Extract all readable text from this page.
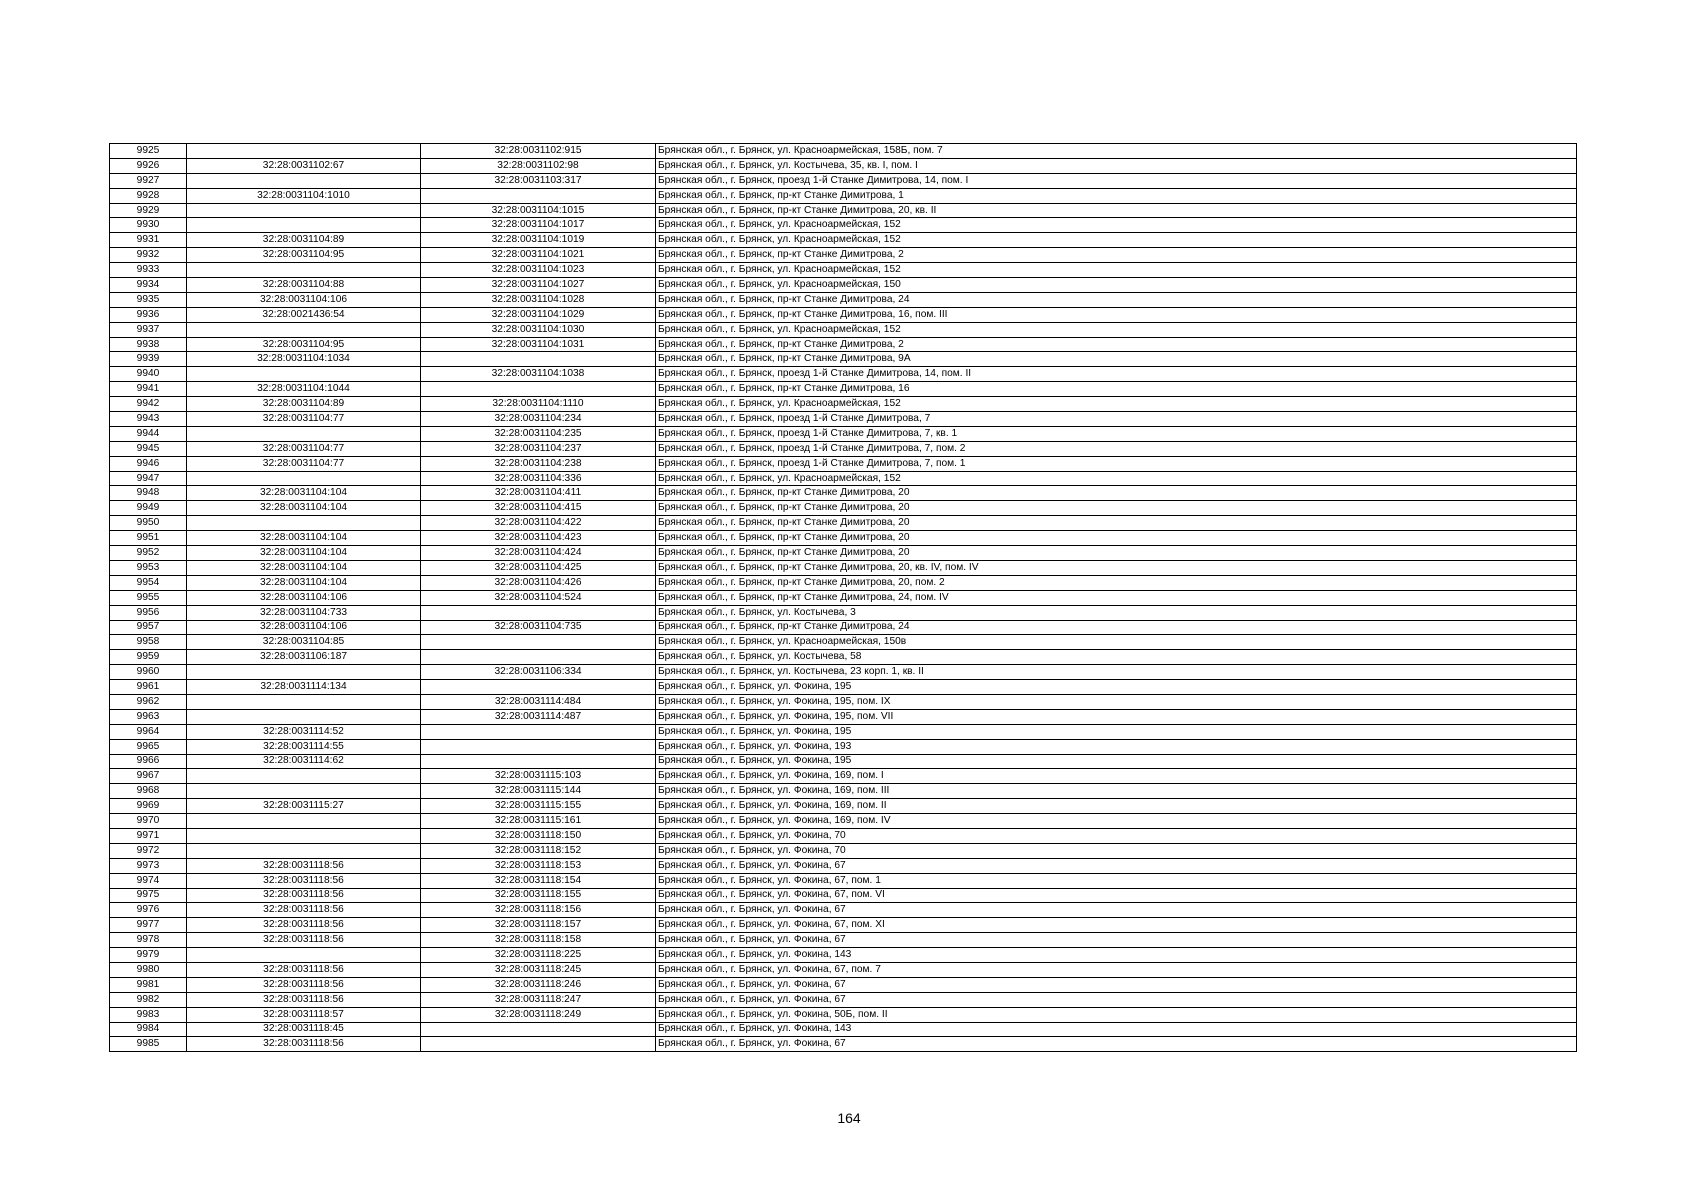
9925		32:28:0031102:915	Брянская обл., г. Брянск, ул. Красноармейская, 158Б, пом. 7
9926	32:28:0031102:67	32:28:0031102:98	Брянская обл., г. Брянск, ул. Костычева, 35, кв. I, пом. I
9927		32:28:0031103:317	Брянская обл., г. Брянск, проезд 1-й Станке Димитрова, 14, пом. I
9928	32:28:0031104:1010		Брянская обл., г. Брянск, пр-кт Станке Димитрова, 1
9929		32:28:0031104:1015	Брянская обл., г. Брянск, пр-кт Станке Димитрова, 20, кв. II
9930		32:28:0031104:1017	Брянская обл., г. Брянск, ул. Красноармейская, 152
9931	32:28:0031104:89	32:28:0031104:1019	Брянская обл., г. Брянск, ул. Красноармейская, 152
9932	32:28:0031104:95	32:28:0031104:1021	Брянская обл., г. Брянск, пр-кт Станке Димитрова, 2
9933		32:28:0031104:1023	Брянская обл., г. Брянск, ул. Красноармейская, 152
9934	32:28:0031104:88	32:28:0031104:1027	Брянская обл., г. Брянск, ул. Красноармейская, 150
9935	32:28:0031104:106	32:28:0031104:1028	Брянская обл., г. Брянск, пр-кт Станке Димитрова, 24
9936	32:28:0021436:54	32:28:0031104:1029	Брянская обл., г. Брянск, пр-кт Станке Димитрова, 16, пом. III
9937		32:28:0031104:1030	Брянская обл., г. Брянск, ул. Красноармейская, 152
9938	32:28:0031104:95	32:28:0031104:1031	Брянская обл., г. Брянск, пр-кт Станке Димитрова, 2
9939	32:28:0031104:1034		Брянская обл., г. Брянск, пр-кт Станке Димитрова, 9А
9940		32:28:0031104:1038	Брянская обл., г. Брянск, проезд 1-й Станке Димитрова, 14, пом. II
9941	32:28:0031104:1044		Брянская обл., г. Брянск, пр-кт Станке Димитрова, 16
9942	32:28:0031104:89	32:28:0031104:1110	Брянская обл., г. Брянск, ул. Красноармейская, 152
9943	32:28:0031104:77	32:28:0031104:234	Брянская обл., г. Брянск, проезд 1-й Станке Димитрова, 7
9944		32:28:0031104:235	Брянская обл., г. Брянск, проезд 1-й Станке Димитрова, 7, кв. 1
9945	32:28:0031104:77	32:28:0031104:237	Брянская обл., г. Брянск, проезд 1-й Станке Димитрова, 7, пом. 2
9946	32:28:0031104:77	32:28:0031104:238	Брянская обл., г. Брянск, проезд 1-й Станке Димитрова, 7, пом. 1
9947		32:28:0031104:336	Брянская обл., г. Брянск, ул. Красноармейская, 152
9948	32:28:0031104:104	32:28:0031104:411	Брянская обл., г. Брянск, пр-кт Станке Димитрова, 20
9949	32:28:0031104:104	32:28:0031104:415	Брянская обл., г. Брянск, пр-кт Станке Димитрова, 20
9950		32:28:0031104:422	Брянская обл., г. Брянск, пр-кт Станке Димитрова, 20
9951	32:28:0031104:104	32:28:0031104:423	Брянская обл., г. Брянск, пр-кт Станке Димитрова, 20
9952	32:28:0031104:104	32:28:0031104:424	Брянская обл., г. Брянск, пр-кт Станке Димитрова, 20
9953	32:28:0031104:104	32:28:0031104:425	Брянская обл., г. Брянск, пр-кт Станке Димитрова, 20, кв. IV, пом. IV
9954	32:28:0031104:104	32:28:0031104:426	Брянская обл., г. Брянск, пр-кт Станке Димитрова, 20, пом. 2
9955	32:28:0031104:106	32:28:0031104:524	Брянская обл., г. Брянск, пр-кт Станке Димитрова, 24, пом. IV
9956	32:28:0031104:733		Брянская обл., г. Брянск, ул. Костычева, 3
9957	32:28:0031104:106	32:28:0031104:735	Брянская обл., г. Брянск, пр-кт Станке Димитрова, 24
9958	32:28:0031104:85		Брянская обл., г. Брянск, ул. Красноармейская, 150в
9959	32:28:0031106:187		Брянская обл., г. Брянск, ул. Костычева, 58
9960		32:28:0031106:334	Брянская обл., г. Брянск, ул. Костычева, 23 корп. 1, кв. II
9961	32:28:0031114:134		Брянская обл., г. Брянск, ул. Фокина, 195
9962		32:28:0031114:484	Брянская обл., г. Брянск, ул. Фокина, 195, пом. IX
9963		32:28:0031114:487	Брянская обл., г. Брянск, ул. Фокина, 195, пом. VII
9964	32:28:0031114:52		Брянская обл., г. Брянск, ул. Фокина, 195
9965	32:28:0031114:55		Брянская обл., г. Брянск, ул. Фокина, 193
9966	32:28:0031114:62		Брянская обл., г. Брянск, ул. Фокина, 195
9967		32:28:0031115:103	Брянская обл., г. Брянск, ул. Фокина, 169, пом. I
9968		32:28:0031115:144	Брянская обл., г. Брянск, ул. Фокина, 169, пом. III
9969	32:28:0031115:27	32:28:0031115:155	Брянская обл., г. Брянск, ул. Фокина, 169, пом. II
9970		32:28:0031115:161	Брянская обл., г. Брянск, ул. Фокина, 169, пом. IV
9971		32:28:0031118:150	Брянская обл., г. Брянск, ул. Фокина, 70
9972		32:28:0031118:152	Брянская обл., г. Брянск, ул. Фокина, 70
9973	32:28:0031118:56	32:28:0031118:153	Брянская обл., г. Брянск, ул. Фокина, 67
9974	32:28:0031118:56	32:28:0031118:154	Брянская обл., г. Брянск, ул. Фокина, 67, пом. 1
9975	32:28:0031118:56	32:28:0031118:155	Брянская обл., г. Брянск, ул. Фокина, 67, пом. VI
9976	32:28:0031118:56	32:28:0031118:156	Брянская обл., г. Брянск, ул. Фокина, 67
9977	32:28:0031118:56	32:28:0031118:157	Брянская обл., г. Брянск, ул. Фокина, 67, пом. XI
9978	32:28:0031118:56	32:28:0031118:158	Брянская обл., г. Брянск, ул. Фокина, 67
9979		32:28:0031118:225	Брянская обл., г. Брянск, ул. Фокина, 143
9980	32:28:0031118:56	32:28:0031118:245	Брянская обл., г. Брянск, ул. Фокина, 67, пом. 7
9981	32:28:0031118:56	32:28:0031118:246	Брянская обл., г. Брянск, ул. Фокина, 67
9982	32:28:0031118:56	32:28:0031118:247	Брянская обл., г. Брянск, ул. Фокина, 67
9983	32:28:0031118:57	32:28:0031118:249	Брянская обл., г. Брянск, ул. Фокина, 50Б, пом. II
9984	32:28:0031118:45		Брянская обл., г. Брянск, ул. Фокина, 143
9985	32:28:0031118:56		Брянская обл., г. Брянск, ул. Фокина, 67
164
